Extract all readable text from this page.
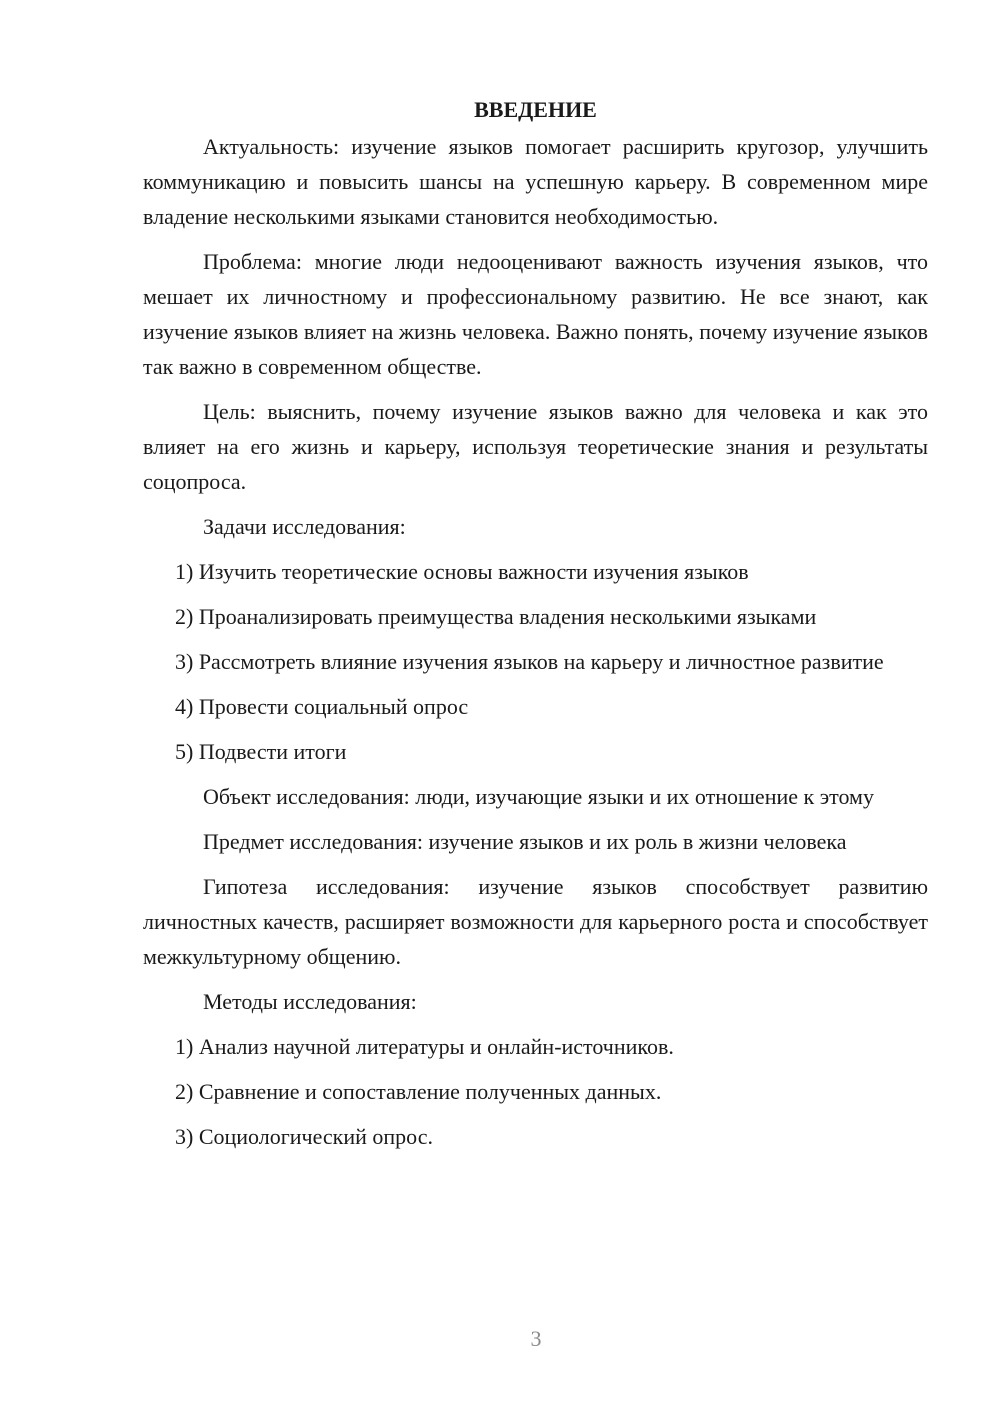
ВВЕДЕНИЕ

Актуальность: изучение языков помогает расширить кругозор, улучшить коммуникацию и повысить шансы на успешную карьеру. В современном мире владение несколькими языками становится необходимостью.

Проблема: многие люди недооценивают важность изучения языков, что мешает их личностному и профессиональному развитию. Не все знают, как изучение языков влияет на жизнь человека. Важно понять, почему изучение языков так важно в современном обществе.

Цель: выяснить, почему изучение языков важно для человека и как это влияет на его жизнь и карьеру, используя теоретические знания и результаты соцопроса.

Задачи исследования:

1) Изучить теоретические основы важности изучения языков

2) Проанализировать преимущества владения несколькими языками

3) Рассмотреть влияние изучения языков на карьеру и личностное развитие

4) Провести социальный опрос

5) Подвести итоги

Объект исследования: люди, изучающие языки и их отношение к этому

Предмет исследования: изучение языков и их роль в жизни человека

Гипотеза исследования: изучение языков способствует развитию личностных качеств, расширяет возможности для карьерного роста и способствует межкультурному общению.

Методы исследования:

1) Анализ научной литературы и онлайн-источников.

2) Сравнение и сопоставление полученных данных.

3) Социологический опрос.

3
